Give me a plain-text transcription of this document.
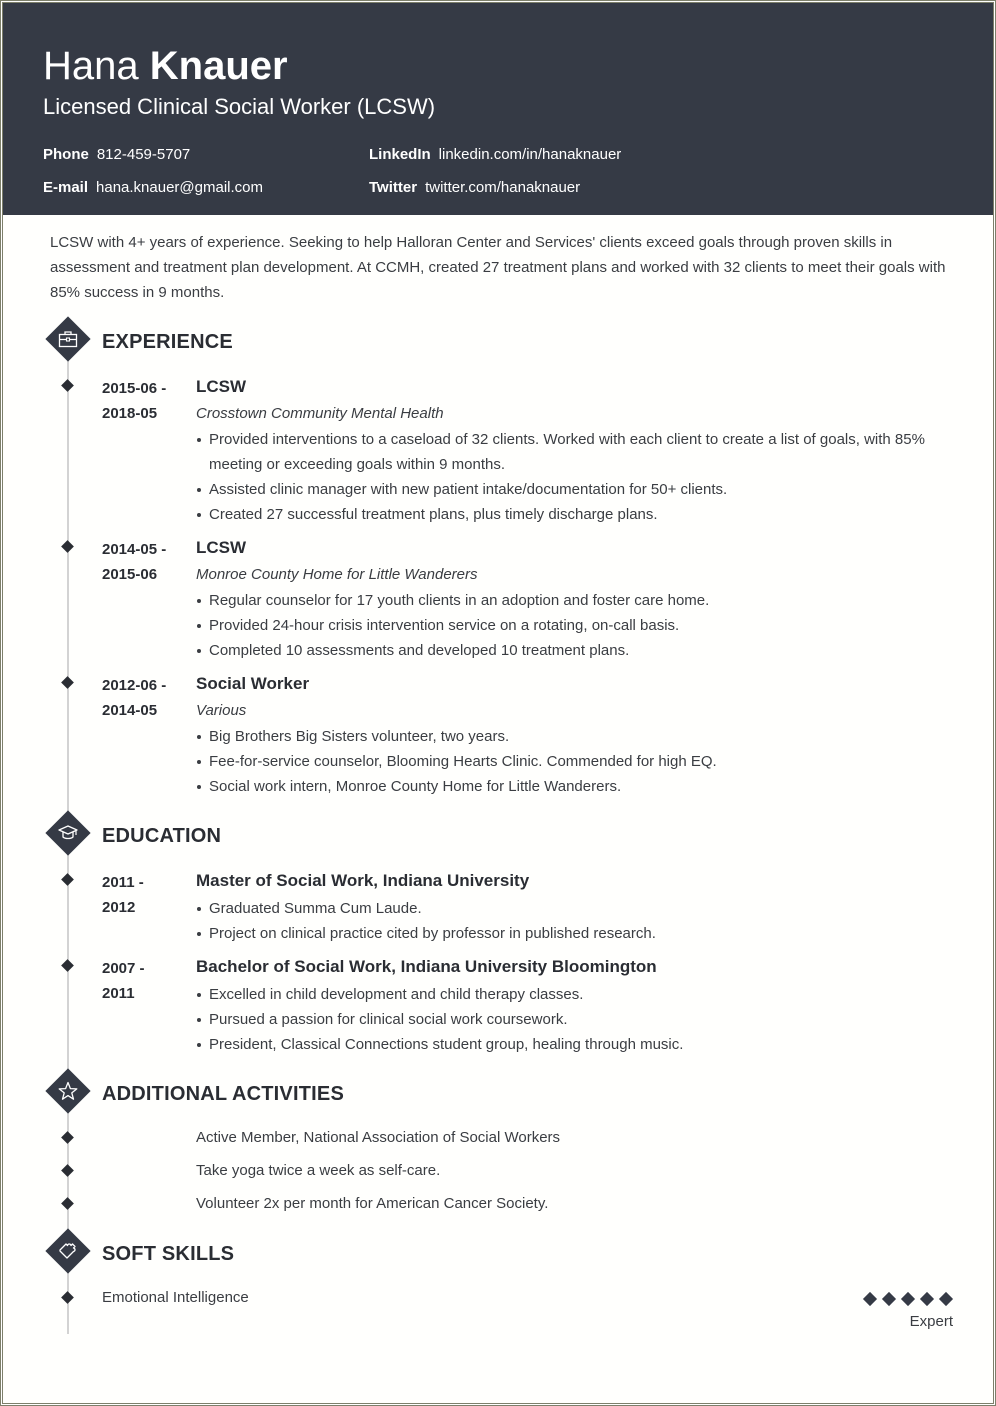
Hana Knauer
Licensed Clinical Social Worker (LCSW)
Phone 812-459-5707	LinkedIn linkedin.com/in/hanaknauer
E-mail hana.knauer@gmail.com	Twitter twitter.com/hanaknauer
LCSW with 4+ years of experience. Seeking to help Halloran Center and Services' clients exceed goals through proven skills in assessment and treatment plan development. At CCMH, created 27 treatment plans and worked with 32 clients to meet their goals with 85% success in 9 months.
EXPERIENCE
2015-06 -
2018-05
LCSW
Crosstown Community Mental Health
Provided interventions to a caseload of 32 clients. Worked with each client to create a list of goals, with 85% meeting or exceeding goals within 9 months.
Assisted clinic manager with new patient intake/documentation for 50+ clients.
Created 27 successful treatment plans, plus timely discharge plans.
2014-05 -
2015-06
LCSW
Monroe County Home for Little Wanderers
Regular counselor for 17 youth clients in an adoption and foster care home.
Provided 24-hour crisis intervention service on a rotating, on-call basis.
Completed 10 assessments and developed 10 treatment plans.
2012-06 -
2014-05
Social Worker
Various
Big Brothers Big Sisters volunteer, two years.
Fee-for-service counselor, Blooming Hearts Clinic. Commended for high EQ.
Social work intern, Monroe County Home for Little Wanderers.
EDUCATION
2011 -
2012
Master of Social Work, Indiana University
Graduated Summa Cum Laude.
Project on clinical practice cited by professor in published research.
2007 -
2011
Bachelor of Social Work, Indiana University Bloomington
Excelled in child development and child therapy classes.
Pursued a passion for clinical social work coursework.
President, Classical Connections student group, healing through music.
ADDITIONAL ACTIVITIES
Active Member, National Association of Social Workers
Take yoga twice a week as self-care.
Volunteer 2x per month for American Cancer Society.
SOFT SKILLS
Emotional Intelligence
Expert
